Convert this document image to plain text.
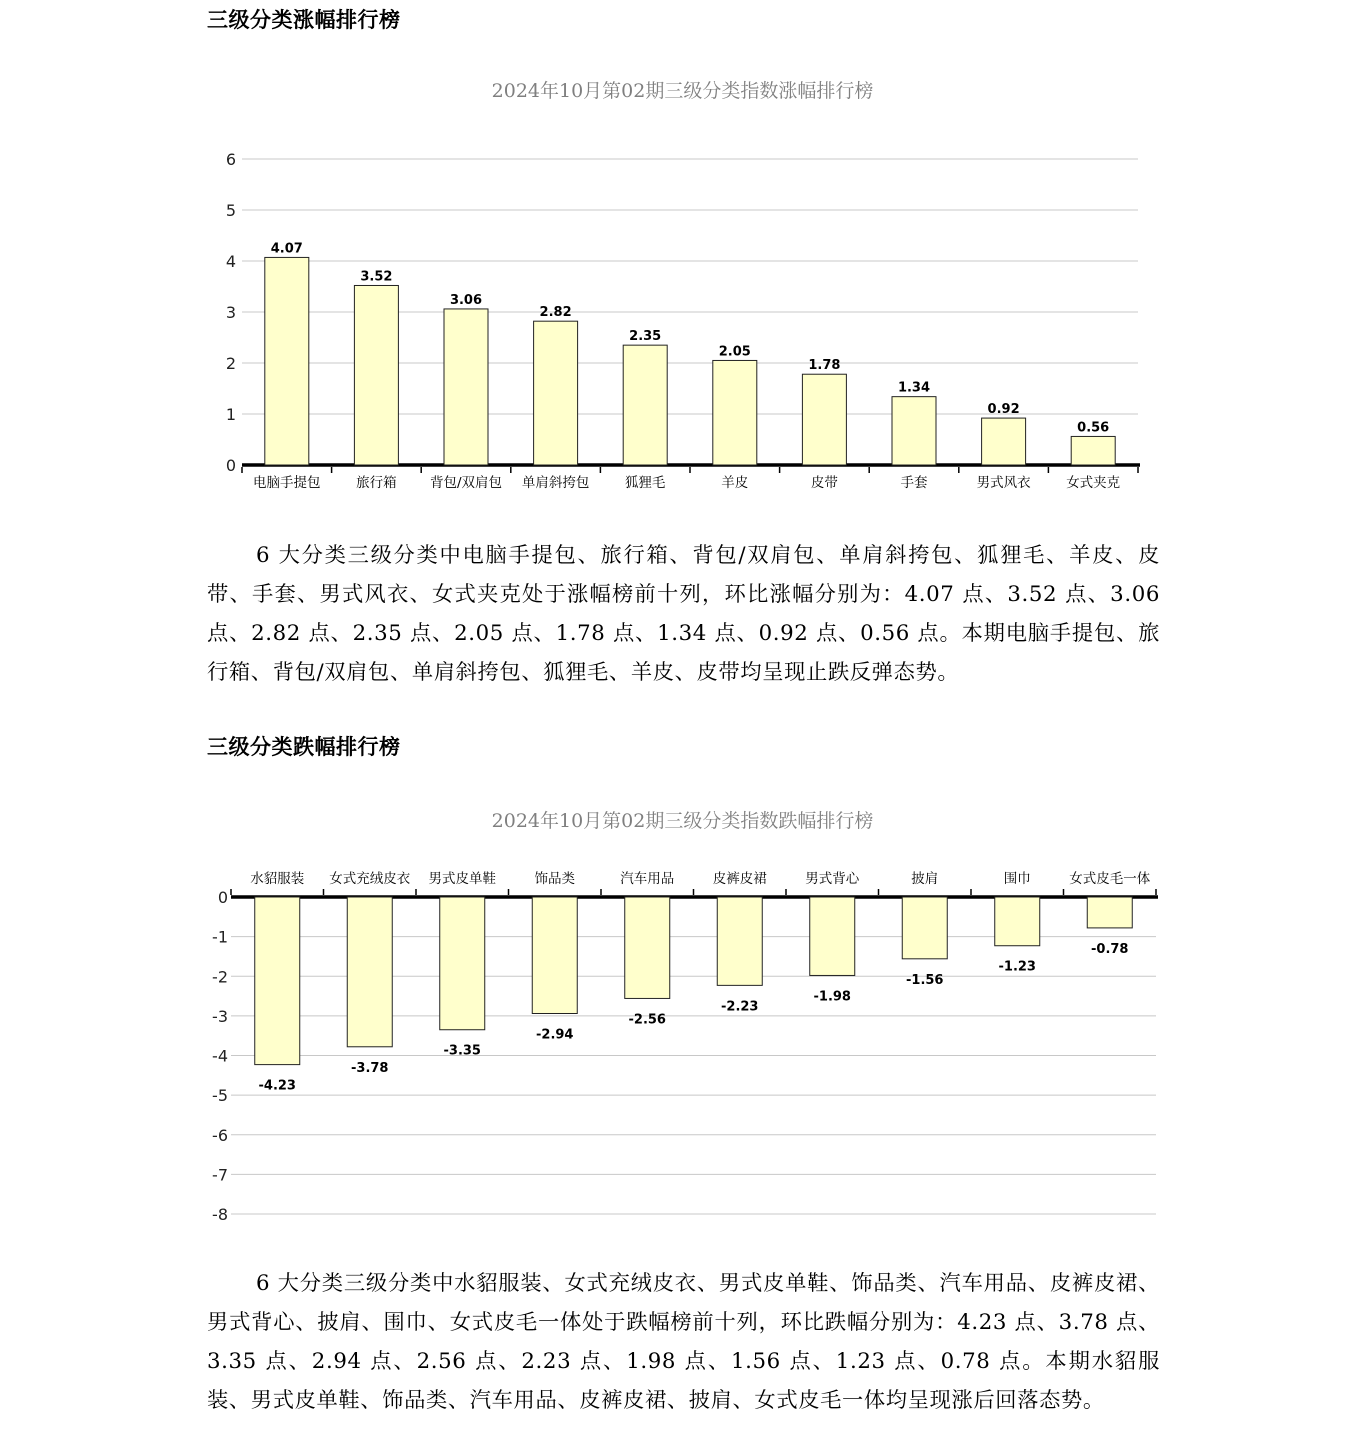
三级分类涨幅排行榜
2024年10月第02期三级分类指数涨幅排行榜
0
1
2
3
4
5
6
4.07
电脑手提包
3.52
旅行箱
3.06
背包/双肩包
2.82
单肩斜挎包
2.35
狐狸毛
2.05
羊皮
1.78
皮带
1.34
手套
0.92
男式风衣
0.56
女式夹克

6 大分类三级分类中电脑手提包、旅行箱、背包/双肩包、单肩斜挎包、狐狸毛、羊皮、皮带、手套、男式风衣、女式夹克处于涨幅榜前十列，环比涨幅分别为：4.07 点、3.52 点、3.06 点、2.82 点、2.35 点、2.05 点、1.78 点、1.34 点、0.92 点、0.56 点。本期电脑手提包、旅行箱、背包/双肩包、单肩斜挎包、狐狸毛、羊皮、皮带均呈现止跌反弹态势。

三级分类跌幅排行榜
2024年10月第02期三级分类指数跌幅排行榜
0
-1
-2
-3
-4
-5
-6
-7
-8
-4.23
水貂服装
-3.78
女式充绒皮衣
-3.35
男式皮单鞋
-2.94
饰品类
-2.56
汽车用品
-2.23
皮裤皮裙
-1.98
男式背心
-1.56
披肩
-1.23
围巾
-0.78
女式皮毛一体

6 大分类三级分类中水貂服装、女式充绒皮衣、男式皮单鞋、饰品类、汽车用品、皮裤皮裙、男式背心、披肩、围巾、女式皮毛一体处于跌幅榜前十列，环比跌幅分别为：4.23 点、3.78 点、3.35 点、2.94 点、2.56 点、2.23 点、1.98 点、1.56 点、1.23 点、0.78 点。本期水貂服装、男式皮单鞋、饰品类、汽车用品、皮裤皮裙、披肩、女式皮毛一体均呈现涨后回落态势。
